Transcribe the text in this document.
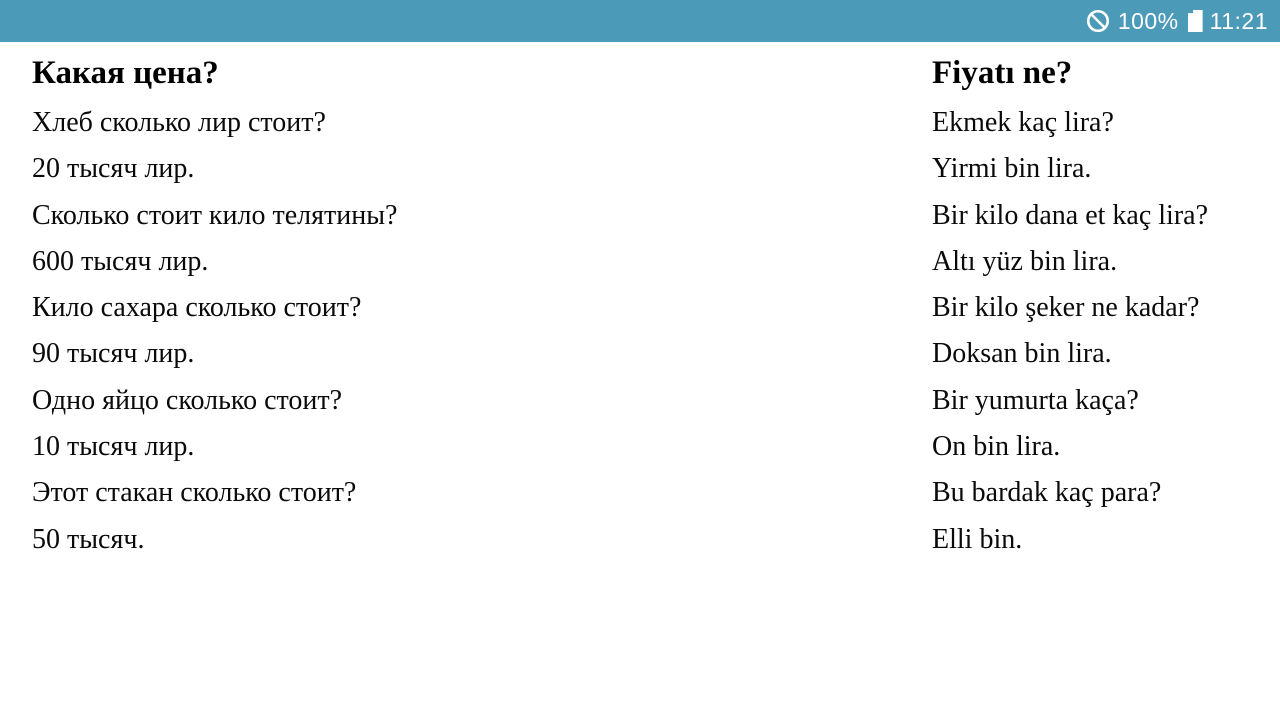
100% 11:21
Какая цена?
Хлеб сколько лир стоит?
20 тысяч лир.
Сколько стоит кило телятины?
600 тысяч лир.
Кило сахара сколько стоит?
90 тысяч лир.
Одно яйцо сколько стоит?
10 тысяч лир.
Этот стакан сколько стоит?
50 тысяч.
Fiyatı ne?
Ekmek kaç lira?
Yirmi bin lira.
Bir kilo dana et kaç lira?
Altı yüz bin lira.
Bir kilo şeker ne kadar?
Doksan bin lira.
Bir yumurta kaça?
On bin lira.
Bu bardak kaç para?
Elli bin.
